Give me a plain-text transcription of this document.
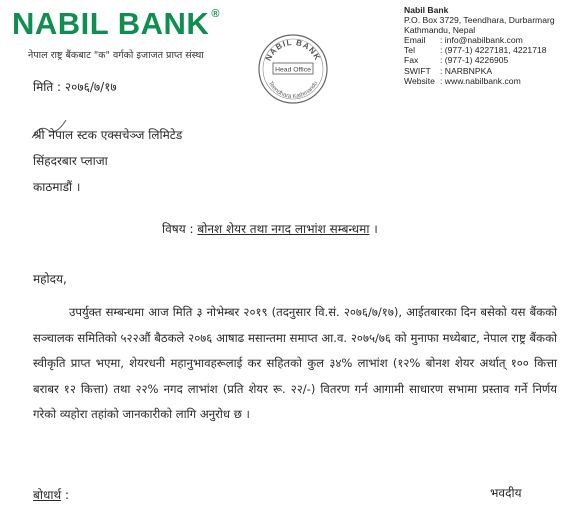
NABIL BANK ®
नेपाल राष्ट्र बैंकबाट "क" वर्गको इजाजत प्राप्त संस्था
Nabil Bank
P.O. Box 3729, Teendhara, Durbarmarg
Kathmandu, Nepal
Email : info@nabilbank.com
Tel	: (977-1) 4227181, 4221718
Fax	: (977-1) 4226905
SWIFT : NARBNPKA
Website : www.nabilbank.com
NABIL BANK
Head Office
Teendhara Kathmandu
मिति : २०७६/७/१७
श्री नेपाल स्टक एक्सचेञ्ज लिमिटेड
सिंहदरबार प्लाजा
काठमाडौं ।
विषय : बोनश शेयर तथा नगद लाभांश सम्बन्धमा ।
महोदय,
उपर्युक्त सम्बन्धमा आज मिति ३ नोभेम्बर २०१९ (तदनुसार वि.सं. २०७६/७/१७), आईतबारका दिन बसेको यस बैंकको सञ्चालक समितिको ५२२औं बैठकले २०७६ आषाढ मसान्तमा समाप्त आ.व. २०७५/७६ को मुनाफा मध्येबाट, नेपाल राष्ट्र बैंकको स्वीकृति प्राप्त भएमा, शेयरधनी महानुभावहरूलाई कर सहितको कुल ३४% लाभांश (१२% बोनश शेयर अर्थात् १०० कित्ता बराबर १२ कित्ता) तथा २२% नगद लाभांश (प्रति शेयर रू. २२/-) वितरण गर्न आगामी साधारण सभामा प्रस्ताव गर्ने निर्णय गरेको व्यहोरा तहांको जानकारीको लागि अनुरोध छ ।
बोधार्थ :	भवदीय
